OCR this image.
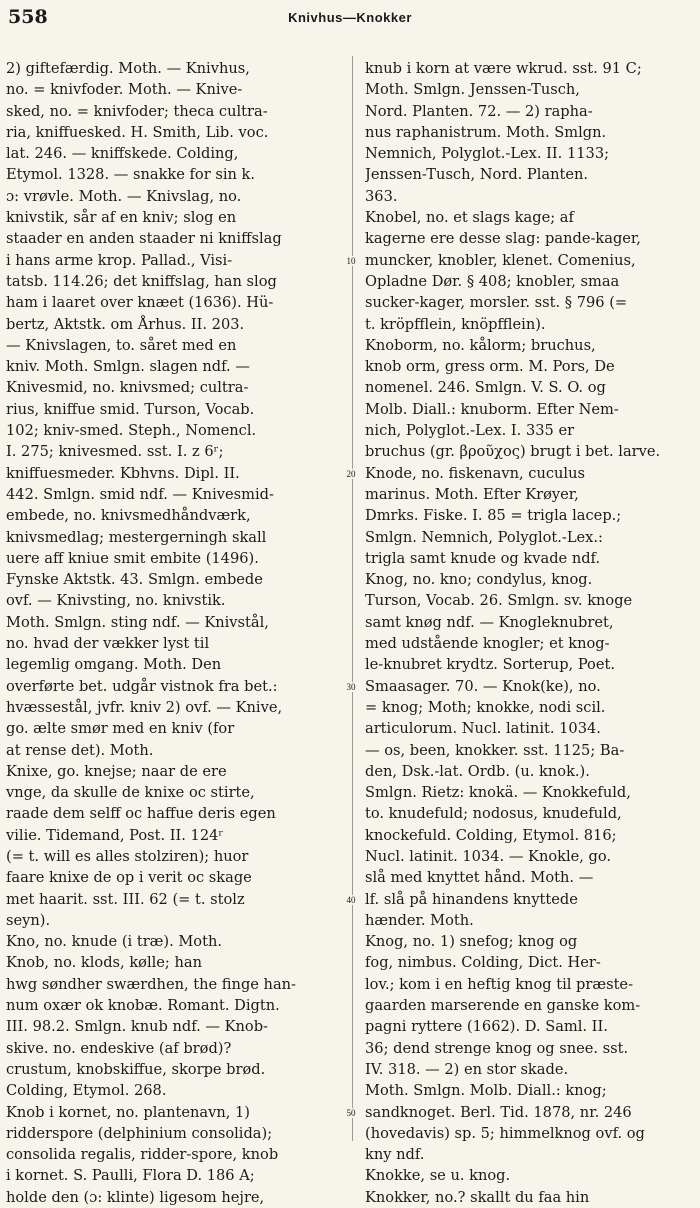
558	Knivhus—Knokker
2) giftefærdig. Moth. — Knivhus,
no. = knivfoder. Moth. — Knive-
sked, no. = knivfoder; theca cultra-
ria, kniffuesked. H. Smith, Lib. voc.
lat. 246. — kniffskede. Colding,
Etymol. 1328. — snakke for sin k.
ɔ: vrøvle. Moth. — Knivslag, no.
knivstik, sår af en kniv; slog en
staader en anden staader ni kniffslag
i hans arme krop. Pallad., Visi-
tatsb. 114.26; det kniffslag, han slog
ham i laaret over knæet (1636). Hü-
bertz, Aktstk. om Århus. II. 203.
— Knivslagen, to. såret med en
kniv. Moth. Smlgn. slagen ndf. —
Knivesmid, no. knivsmed; cultra-
rius, kniffue smid. Turson, Vocab.
102; kniv-smed. Steph., Nomencl.
I. 275; knivesmed. sst. I. z 6ʳ;
kniffuesmeder. Kbhvns. Dipl. II.
442. Smlgn. smid ndf. — Knivesmid-
embede, no. knivsmedhåndværk,
knivsmedlag; mestergerningh skall
uere aff kniue smit embite (1496).
Fynske Aktstk. 43. Smlgn. embede
ovf. — Knivsting, no. knivstik.
Moth. Smlgn. sting ndf. — Knivstål,
no. hvad der vækker lyst til
legemlig omgang. Moth. Den
overførte bet. udgår vistnok fra bet.:
hvæssestål, jvfr. kniv 2) ovf. — Knive,
go. ælte smør med en kniv (for
at rense det). Moth.
Knixe, go. knejse; naar de ere
vnge, da skulle de knixe oc stirte,
raade dem selff oc haffue deris egen
vilie. Tidemand, Post. II. 124ʳ
(= t. will es alles stolziren); huor
faare knixe de op i verit oc skage
met haarit. sst. III. 62 (= t. stolz
seyn).
Kno, no. knude (i træ). Moth.
Knob, no. klods, kølle; han
hwg søndher swærdhen, the finge han-
num oxær ok knobæ. Romant. Digtn.
III. 98.2. Smlgn. knub ndf. — Knob-
skive. no. endeskive (af brød)?
crustum, knobskiffue, skorpe brød.
Colding, Etymol. 268.
Knob i kornet, no. plantenavn, 1)
riddersporе (delphinium consolida);
consolida regalis, ridder-spore, knob
i kornet. S. Paulli, Flora D. 186 A;
holde den (ɔ: klinte) ligesom hejre,
10
20
30
40
50
knub i korn at være wkrud. sst. 91 C;
Moth. Smlgn. Jenssen-Tusch,
Nord. Planten. 72. — 2) rapha-
nus raphanistrum. Moth. Smlgn.
Nemnich, Polyglot.-Lex. II. 1133;
Jenssen-Tusch, Nord. Planten.
363.
Knobel, no. et slags kage; af
kagerne ere desse slag: pande-kager,
muncker, knobler, klenet. Comenius,
Opladne Dør. § 408; knobler, smaa
sucker-kager, morsler. sst. § 796 (=
t. kröpfflein, knöpfflein).
Knoborm, no. kålorm; bruchus,
knob orm, gress orm. M. Pors, De
nomenel. 246. Smlgn. V. S. O. og
Molb. Diall.: knuborm. Efter Nem-
nich, Polyglot.-Lex. I. 335 er
bruchus (gr. βροῦχος) brugt i bet. larve.
Knode, no. fiskenavn, cuculus
marinus. Moth. Efter Krøyer,
Dmrks. Fiske. I. 85 = trigla lacep.;
Smlgn. Nemnich, Polyglot.-Lex.:
trigla samt knude og kvade ndf.
Knog, no. kno; condylus, knog.
Turson, Vocab. 26. Smlgn. sv. knoge
samt knøg ndf. — Knogleknubret,
med udstående knogler; et knog-
le-knubret krydtz. Sorterup, Poet.
Smaasager. 70. — Knok(ke), no.
= knog; Moth; knokke, nodi scil.
articulorum. Nucl. latinit. 1034.
— os, been, knokker. sst. 1125; Ba-
den, Dsk.-lat. Ordb. (u. knok.).
Smlgn. Rietz: knokä. — Knokkefuld,
to. knudefuld; nodosus, knudefuld,
knockefuld. Colding, Etymol. 816;
Nucl. latinit. 1034. — Knokle, go.
slå med knyttet hånd. Moth. —
lf. slå på hinandens knyttede
hænder. Moth.
Knog, no. 1) snefog; knog og
fog, nimbus. Colding, Dict. Her-
lov.; kom i en heftig knog til præste-
gaarden marserende en ganske kom-
pagni ryttere (1662). D. Saml. II.
36; dend strenge knog og snee. sst.
IV. 318. — 2) en stor skade.
Moth. Smlgn. Molb. Diall.: knog;
sandknoget. Berl. Tid. 1878, nr. 246
(hovedavis) sp. 5; himmelknog ovf. og
kny ndf.
Knokke, se u. knog.
Knokker, no.? skallt du faa hin
